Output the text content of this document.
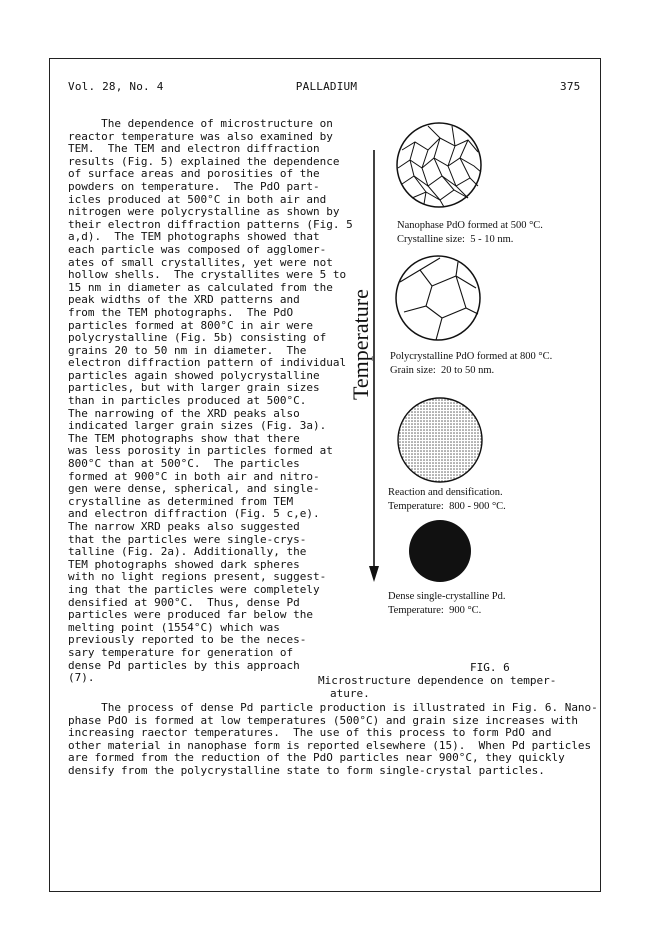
Vol. 28, No. 4	PALLADIUM	375
The dependence of microstructure on
reactor temperature was also examined by
TEM.  The TEM and electron diffraction
results (Fig. 5) explained the dependence
of surface areas and porosities of the
powders on temperature.  The PdO part-
icles produced at 500°C in both air and
nitrogen were polycrystalline as shown by
their electron diffraction patterns (Fig. 5
a,d).  The TEM photographs showed that
each particle was composed of agglomer-
ates of small crystallites, yet were not
hollow shells.  The crystallites were 5 to
15 nm in diameter as calculated from the
peak widths of the XRD patterns and
from the TEM photographs.  The PdO
particles formed at 800°C in air were
polycrystalline (Fig. 5b) consisting of
grains 20 to 50 nm in diameter.  The
electron diffraction pattern of individual
particles again showed polycrystalline
particles, but with larger grain sizes
than in particles produced at 500°C.
The narrowing of the XRD peaks also
indicated larger grain sizes (Fig. 3a).
The TEM photographs show that there
was less porosity in particles formed at
800°C than at 500°C.  The particles
formed at 900°C in both air and nitro-
gen were dense, spherical, and single-
crystalline as determined from TEM
and electron diffraction (Fig. 5 c,e).
The narrow XRD peaks also suggested
that the particles were single-crys-
talline (Fig. 2a). Additionally, the
TEM photographs showed dark spheres
with no light regions present, suggest-
ing that the particles were completely
densified at 900°C.  Thus, dense Pd
particles were produced far below the
melting point (1554°C) which was
previously reported to be the neces-
sary temperature for generation of
dense Pd particles by this approach
(7).
Temperature
Nanophase PdO formed at 500 °C.
Crystalline size:  5 - 10 nm.
Polycrystalline PdO formed at 800 °C.
Grain size:  20 to 50 nm.
Reaction and densification.
Temperature:  800 - 900 °C.
Dense single-crystalline Pd.
Temperature:  900 °C.
FIG. 6
Microstructure dependence on temper-
ature.
The process of dense Pd particle production is illustrated in Fig. 6. Nano-
phase PdO is formed at low temperatures (500°C) and grain size increases with
increasing raector temperatures.  The use of this process to form PdO and
other material in nanophase form is reported elsewhere (15).  When Pd particles
are formed from the reduction of the PdO particles near 900°C, they quickly
densify from the polycrystalline state to form single-crystal particles.
